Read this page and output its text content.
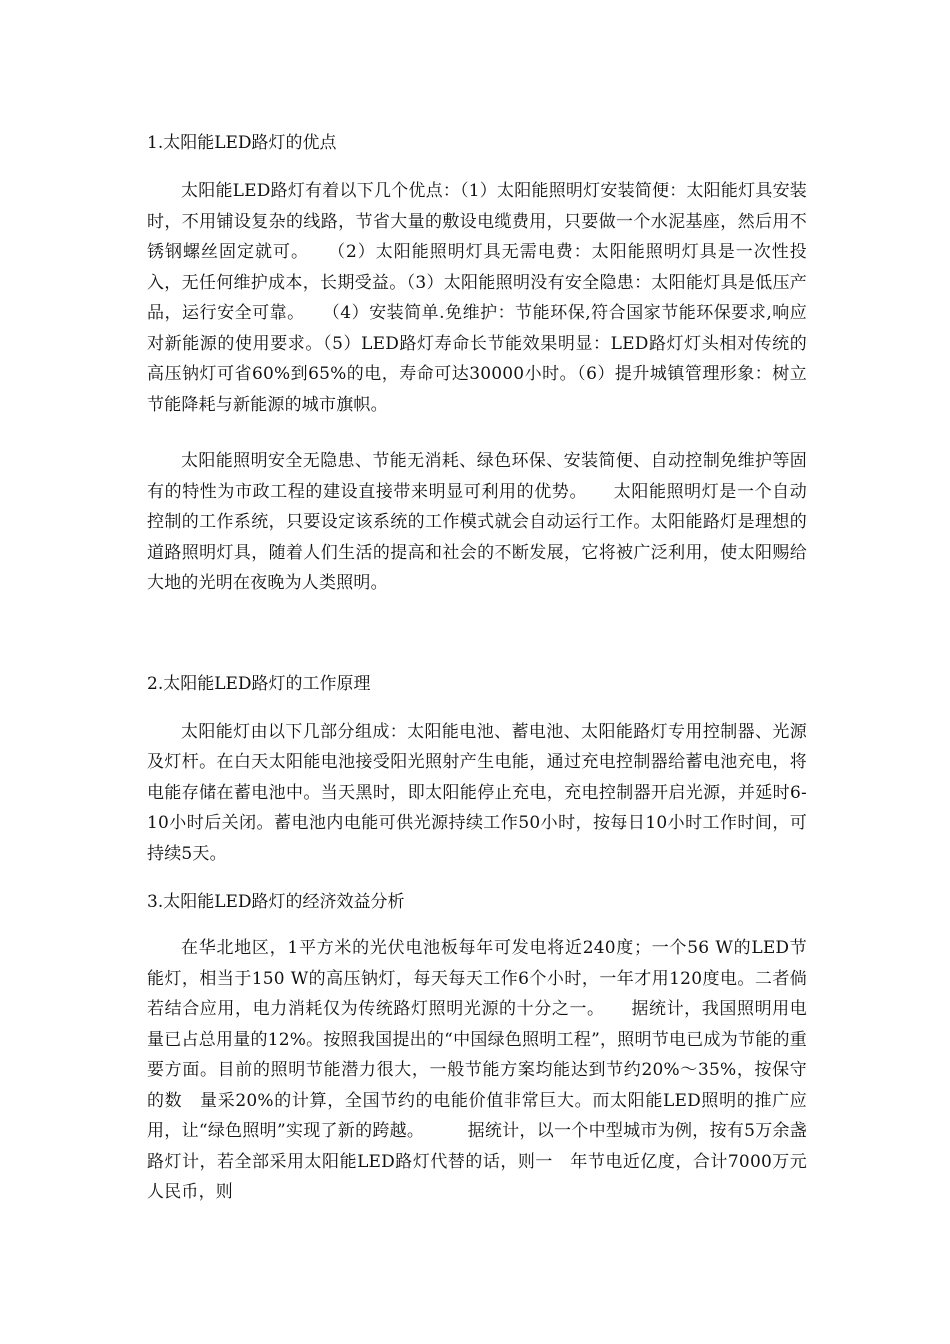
1.太阳能LED路灯的优点

太阳能LED路灯有着以下几个优点：（1）太阳能照明灯安装简便：太阳能灯具安装时，不用铺设复杂的线路，节省大量的敷设电缆费用，只要做一个水泥基座，然后用不锈钢螺丝固定就可。　　（2）太阳能照明灯具无需电费：太阳能照明灯具是一次性投入，无任何维护成本，长期受益。（3）太阳能照明没有安全隐患：太阳能灯具是低压产品，运行安全可靠。　　（4）安装简单.免维护：节能环保,符合国家节能环保要求,响应对新能源的使用要求。（5）LED路灯寿命长节能效果明显：LED路灯灯头相对传统的高压钠灯可省60%到65%的电，寿命可达30000小时。（6）提升城镇管理形象：树立节能降耗与新能源的城市旗帜。

太阳能照明安全无隐患、节能无消耗、绿色环保、安装简便、自动控制免维护等固有的特性为市政工程的建设直接带来明显可利用的优势。　　太阳能照明灯是一个自动控制的工作系统，只要设定该系统的工作模式就会自动运行工作。太阳能路灯是理想的道路照明灯具，随着人们生活的提高和社会的不断发展，它将被广泛利用，使太阳赐给大地的光明在夜晚为人类照明。

2.太阳能LED路灯的工作原理

太阳能灯由以下几部分组成：太阳能电池、蓄电池、太阳能路灯专用控制器、光源及灯杆。在白天太阳能电池接受阳光照射产生电能，通过充电控制器给蓄电池充电，将电能存储在蓄电池中。当天黑时，即太阳能停止充电，充电控制器开启光源，并延时6-10小时后关闭。蓄电池内电能可供光源持续工作50小时，按每日10小时工作时间，可持续5天。

3.太阳能LED路灯的经济效益分析

在华北地区，1平方米的光伏电池板每年可发电将近240度；一个56 W的LED节能灯，相当于150 W的高压钠灯，每天每天工作6个小时，一年才用120度电。二者倘若结合应用，电力消耗仅为传统路灯照明光源的十分之一。　　据统计，我国照明用电量已占总用量的12%。按照我国提出的“中国绿色照明工程”，照明节电已成为节能的重要方面。目前的照明节能潜力很大，一般节能方案均能达到节约20%～35%，按保守的数　量采20%的计算，全国节约的电能价值非常巨大。而太阳能LED照明的推广应用，让“绿色照明”实现了新的跨越。　　　据统计，以一个中型城市为例，按有5万余盏路灯计，若全部采用太阳能LED路灯代替的话，则一　年节电近亿度，合计7000万元人民币，则
